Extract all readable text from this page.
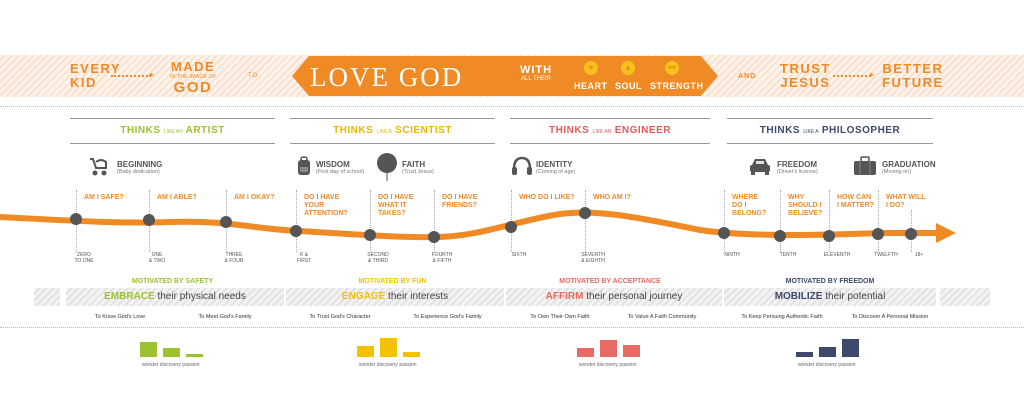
EVERY
KID
▸
MADE
IN THE IMAGE OF
GOD
TO LOVE GOD	WITH
ALL THEIR
♥	▲	●●
HEART SOUL STRENGTH
AND
TRUST
JESUS
▸ BETTER
FUTURE
THINKS LIKE AN ARTIST	THINKS LIKE A SCIENTIST	THINKS LIKE AN ENGINEER	THINKS LIKE A PHILOSOPHER
BEGINNING
(Baby dedication)
WISDOM
(First day of school)
FAITH
(Trust Jesus)
IDENTITY
(Coming of age)
FREEDOM
(Driver's license)
GRADUATION
(Moving on)
AM I SAFE?	AM I ABLE?	AM I OKAY?	DO I HAVE YOUR ATTENTION?
DO I HAVE WHAT IT TAKES?
DO I HAVE FRIENDS?
WHO DO I LIKE?	WHO AM I?	WHERE DO I BELONG?
WHY SHOULD I BELIEVE?
HOW CAN I MATTER?
WHAT WILL I DO?
ZERO
TO ONE
ONE
& TWO
THREE
& FOUR
K &
FIRST
SECOND
& THIRD
FOURTH
& FIFTH
SIXTH	SEVENTH
& EIGHTH
NINTH	TENTH	ELEVENTH	TWELFTH	18+
MOTIVATED BY SAFETY	MOTIVATED BY FUN	MOTIVATED BY ACCEPTANCE	MOTIVATED BY FREEDOM
EMBRACE their physical needs	ENGAGE their interests	AFFIRM their personal journey	MOBILIZE their potential
To Know God's Love	To Meet God's Family	To Trust God's Character	To Experience God's Family	To Own Their Own Faith	To Value A Faith Community	To Keep Persuing Authentic Faith	To Discover A Personal Mission
wonder discovery passion	wonder discovery passion	wonder discovery passion	wonder discovery passion
